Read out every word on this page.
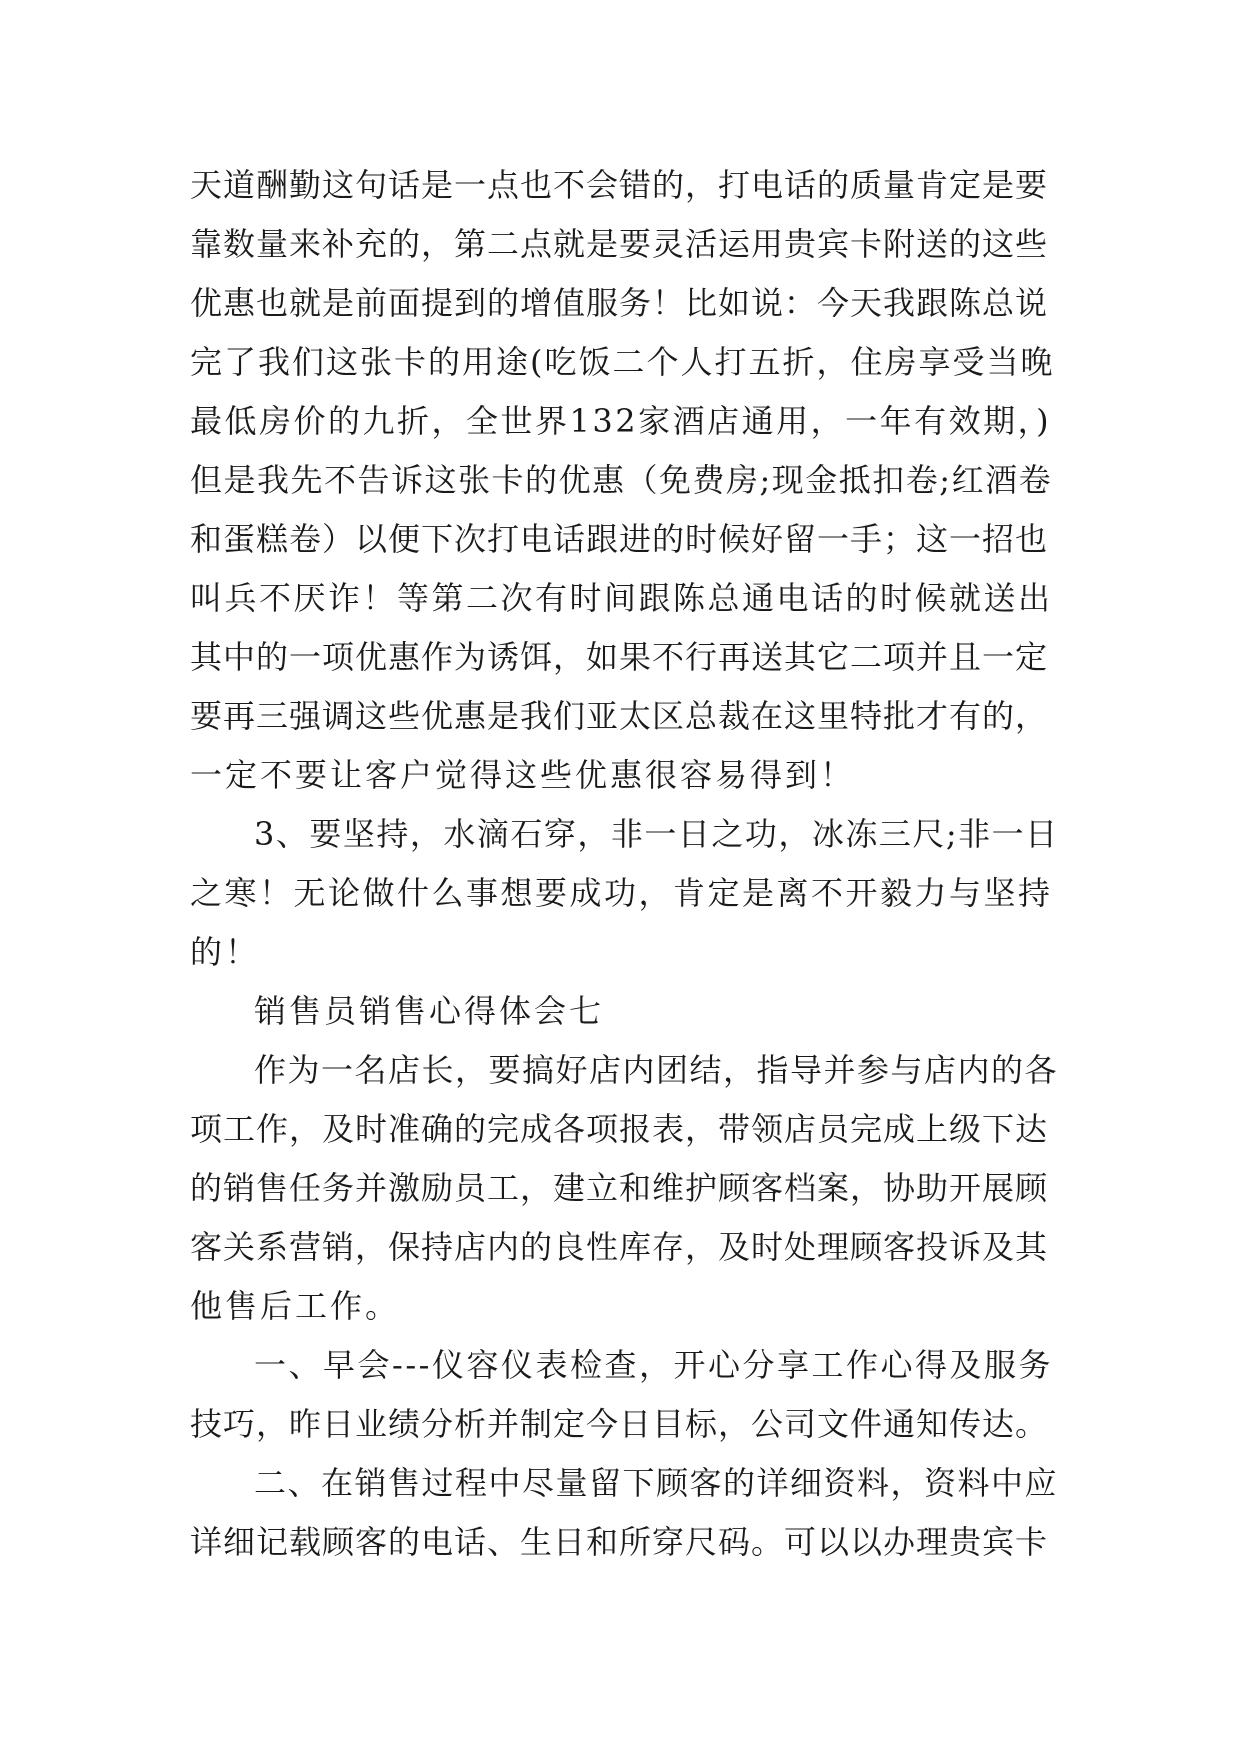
天道酬勤这句话是一点也不会错的，打电话的质量肯定是要
靠数量来补充的，第二点就是要灵活运用贵宾卡附送的这些
优惠也就是前面提到的增值服务！比如说：今天我跟陈总说
完了我们这张卡的用途(吃饭二个人打五折，住房享受当晚
最低房价的九折，全世界132家酒店通用，一年有效期，)
但是我先不告诉这张卡的优惠（免费房;现金抵扣卷;红酒卷
和蛋糕卷）以便下次打电话跟进的时候好留一手；这一招也
叫兵不厌诈！等第二次有时间跟陈总通电话的时候就送出
其中的一项优惠作为诱饵，如果不行再送其它二项并且一定
要再三强调这些优惠是我们亚太区总裁在这里特批才有的，
一定不要让客户觉得这些优惠很容易得到！
3、要坚持，水滴石穿，非一日之功，冰冻三尺;非一日
之寒！无论做什么事想要成功，肯定是离不开毅力与坚持
的！
销售员销售心得体会七
作为一名店长，要搞好店内团结，指导并参与店内的各
项工作，及时准确的完成各项报表，带领店员完成上级下达
的销售任务并激励员工，建立和维护顾客档案，协助开展顾
客关系营销，保持店内的良性库存，及时处理顾客投诉及其
他售后工作。
一、早会---仪容仪表检查，开心分享工作心得及服务
技巧，昨日业绩分析并制定今日目标，公司文件通知传达。
二、在销售过程中尽量留下顾客的详细资料，资料中应
详细记载顾客的电话、生日和所穿尺码。可以以办理贵宾卡
